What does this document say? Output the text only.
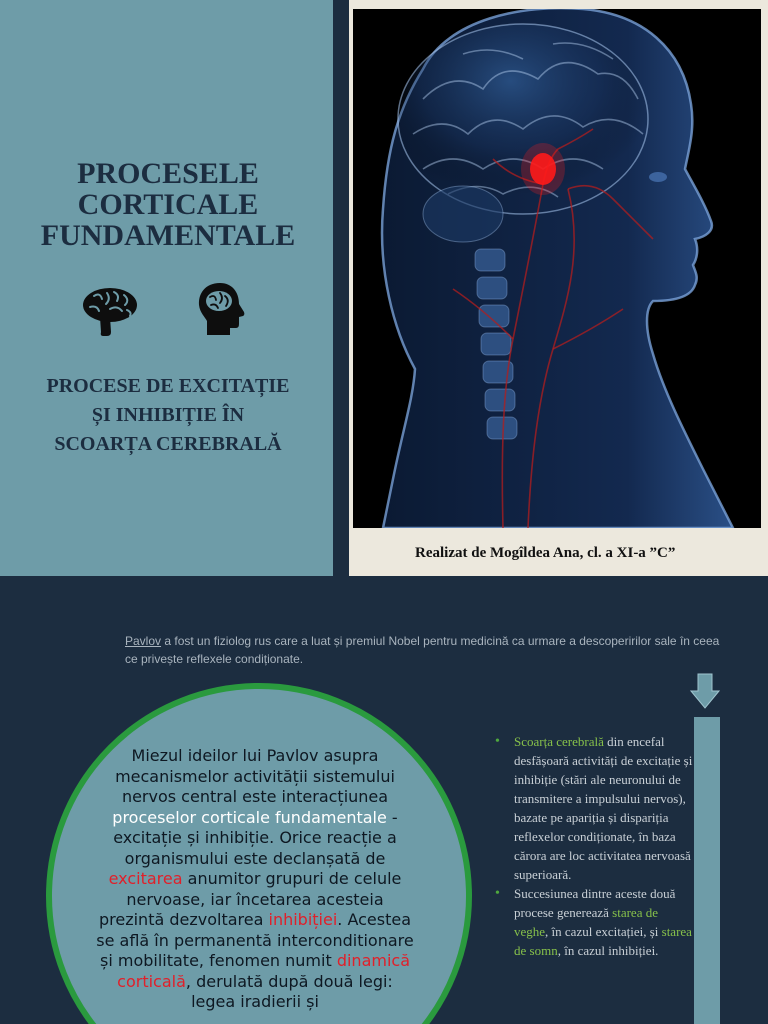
PROCESELE
CORTICALE
FUNDAMENTALE
PROCESE DE EXCITAȚIE
ȘI INHIBIȚIE ÎN
SCOARȚA CEREBRALĂ

Realizat de Mogîldea Ana, cl. a XI-a ”C”

Pavlov a fost un fiziolog rus care a luat și premiul Nobel pentru medicină ca urmare a descoperirilor sale în ceea ce privește reflexele condiționate.

Miezul ideilor lui Pavlov asupra mecanismelor activității sistemului nervos central este interacțiunea proceselor corticale fundamentale - excitație și inhibiție. Orice reacție a organismului este declanșată de excitarea anumitor grupuri de celule nervoase, iar încetarea acesteia prezintă dezvoltarea inhibiției. Acestea se află în permanentă interconditionare și mobilitate, fenomen numit dinamică corticală, derulată după două legi: legea iradierii și

• Scoarța cerebrală din encefal desfășoară activități de excitație și inhibiție (stări ale neuronului de transmitere a impulsului nervos), bazate pe apariția și dispariția reflexelor condiționate, în baza cărora are loc activitatea nervoasă superioară.
• Succesiunea dintre aceste două procese generează starea de veghe, în cazul excitației, și starea de somn, în cazul inhibiției.
